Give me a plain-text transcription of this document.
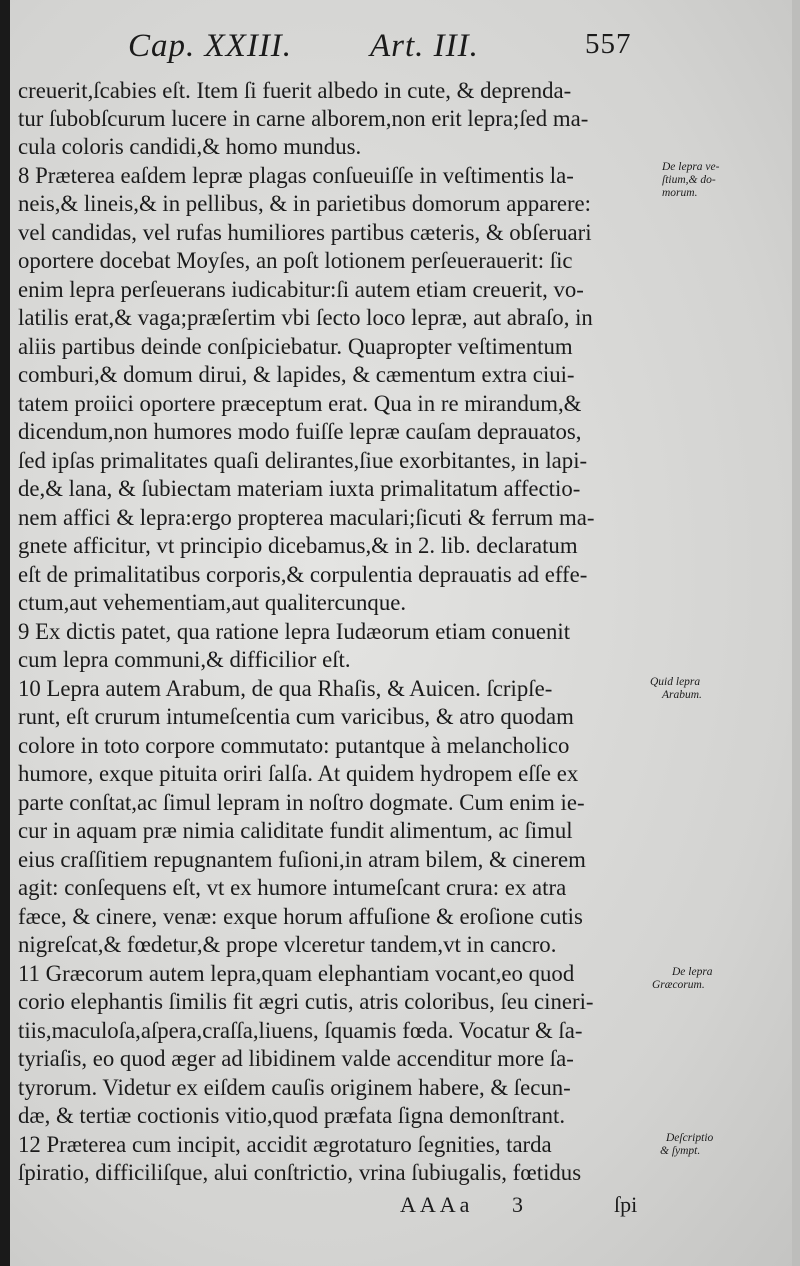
Cap. XXIII. Art. III.	557
creuerit,ſcabies eſt. Item ſi fuerit albedo in cute, & deprenda-
tur ſubobſcurum lucere in carne alborem,non erit lepra;ſed ma-
cula coloris candidi,& homo mundus.
8 Præterea eaſdem lepræ plagas conſueuiſſe in veſtimentis la-
neis,& lineis,& in pellibus, & in parietibus domorum apparere:
vel candidas, vel rufas humiliores partibus cæteris, & obſeruari
oportere docebat Moyſes, an poſt lotionem perſeuerauerit: ſic
enim lepra perſeuerans iudicabitur:ſi autem etiam creuerit, vo-
latilis erat,& vaga;præſertim vbi ſecto loco lepræ, aut abraſo, in
aliis partibus deinde conſpiciebatur. Quapropter veſtimentum
comburi,& domum dirui, & lapides, & cæmentum extra ciui-
tatem proiici oportere præceptum erat. Qua in re mirandum,&
dicendum,non humores modo fuiſſe lepræ cauſam deprauatos,
ſed ipſas primalitates quaſi delirantes,ſiue exorbitantes, in lapi-
de,& lana, & ſubiectam materiam iuxta primalitatum affectio-
nem affici & lepra:ergo propterea maculari;ſicuti & ferrum ma-
gnete afficitur, vt principio dicebamus,& in 2. lib. declaratum
eſt de primalitatibus corporis,& corpulentia deprauatis ad effe-
ctum,aut vehementiam,aut qualitercunque.
9 Ex dictis patet, qua ratione lepra Iudæorum etiam conuenit
cum lepra communi,& difficilior eſt.
10 Lepra autem Arabum, de qua Rhaſis, & Auicen. ſcripſe-
runt, eſt crurum intumeſcentia cum varicibus, & atro quodam
colore in toto corpore commutato: putantque à melancholico
humore, exque pituita oriri ſalſa. At quidem hydropem eſſe ex
parte conſtat,ac ſimul lepram in noſtro dogmate. Cum enim ie-
cur in aquam præ nimia caliditate fundit alimentum, ac ſimul
eius craſſitiem repugnantem fuſioni,in atram bilem, & cinerem
agit: conſequens eſt, vt ex humore intumeſcant crura: ex atra
fæce, & cinere, venæ: exque horum affuſione & eroſione cutis
nigreſcat,& fœdetur,& prope vlceretur tandem,vt in cancro.
11 Græcorum autem lepra,quam elephantiam vocant,eo quod
corio elephantis ſimilis fit ægri cutis, atris coloribus, ſeu cineri-
tiis,maculoſa,aſpera,craſſa,liuens, ſquamis fœda. Vocatur & ſa-
tyriaſis, eo quod æger ad libidinem valde accenditur more ſa-
tyrorum. Videtur ex eiſdem cauſis originem habere, & ſecun-
dæ, & tertiæ coctionis vitio,quod præfata ſigna demonſtrant.
12 Præterea cum incipit, accidit ægrotaturo ſegnities, tarda
ſpiratio, difficiliſque, alui conſtrictio, vrina ſubiugalis, fœtidus
De lepra ve-
ſtium,& do-
morum.
Quid lepra
Arabum.
De lepra
Græcorum.
Deſcriptio
& ſympt.
AAAa 3	ſpi
